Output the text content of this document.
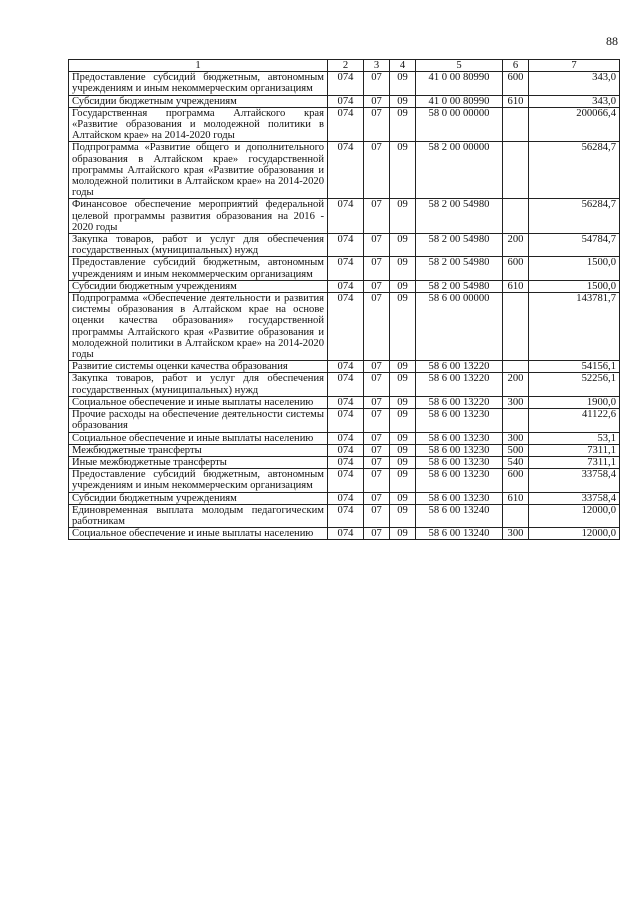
88
1	2	3	4	5	6	7
Предоставление субсидий бюджетным, автономным учреждениям и иным некоммерческим организациям	074	07	09	41 0 00 80990	600	343,0
Субсидии бюджетным учреждениям	074	07	09	41 0 00 80990	610	343,0
Государственная программа Алтайского края «Развитие образования и молодежной политики в Алтайском крае» на 2014-2020 годы	074	07	09	58 0 00 00000		200066,4
Подпрограмма «Развитие общего и дополнительного образования в Алтайском крае» государственной программы Алтайского края «Развитие образования и молодежной политики в Алтайском крае» на 2014-2020 годы	074	07	09	58 2 00 00000		56284,7
Финансовое обеспечение мероприятий федеральной целевой программы развития образования на 2016 - 2020 годы	074	07	09	58 2 00 54980		56284,7
Закупка товаров, работ и услуг для обеспечения государственных (муниципальных) нужд	074	07	09	58 2 00 54980	200	54784,7
Предоставление субсидий бюджетным, автономным учреждениям и иным некоммерческим организациям	074	07	09	58 2 00 54980	600	1500,0
Субсидии бюджетным учреждениям	074	07	09	58 2 00 54980	610	1500,0
Подпрограмма «Обеспечение деятельности и развития системы образования в Алтайском крае на основе оценки качества образования» государственной программы Алтайского края «Развитие образования и молодежной политики в Алтайском крае» на 2014-2020 годы	074	07	09	58 6 00 00000		143781,7
Развитие системы оценки качества образования	074	07	09	58 6 00 13220		54156,1
Закупка товаров, работ и услуг для обеспечения государственных (муниципальных) нужд	074	07	09	58 6 00 13220	200	52256,1
Социальное обеспечение и иные выплаты населению	074	07	09	58 6 00 13220	300	1900,0
Прочие расходы на обеспечение деятельности системы образования	074	07	09	58 6 00 13230		41122,6
Социальное обеспечение и иные выплаты населению	074	07	09	58 6 00 13230	300	53,1
Межбюджетные трансферты	074	07	09	58 6 00 13230	500	7311,1
Иные межбюджетные трансферты	074	07	09	58 6 00 13230	540	7311,1
Предоставление субсидий бюджетным, автономным учреждениям и иным некоммерческим организациям	074	07	09	58 6 00 13230	600	33758,4
Субсидии бюджетным учреждениям	074	07	09	58 6 00 13230	610	33758,4
Единовременная выплата молодым педагогическим работникам	074	07	09	58 6 00 13240		12000,0
Социальное обеспечение и иные выплаты населению	074	07	09	58 6 00 13240	300	12000,0
